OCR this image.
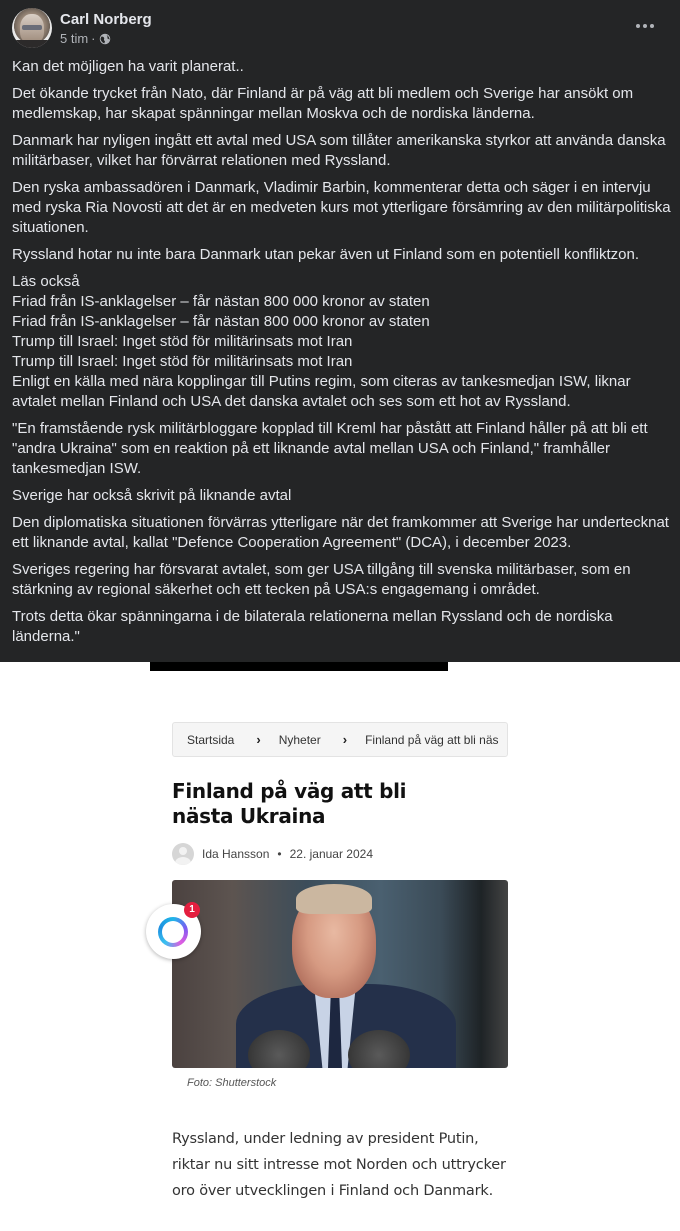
Carl Norberg
5 tim ·

Kan det möjligen ha varit planerat..

Det ökande trycket från Nato, där Finland är på väg att bli medlem och Sverige har ansökt om medlemskap, har skapat spänningar mellan Moskva och de nordiska länderna.

Danmark har nyligen ingått ett avtal med USA som tillåter amerikanska styrkor att använda danska militärbaser, vilket har förvärrat relationen med Ryssland.

Den ryska ambassadören i Danmark, Vladimir Barbin, kommenterar detta och säger i en intervju med ryska Ria Novosti att det är en medveten kurs mot ytterligare försämring av den militärpolitiska situationen.

Ryssland hotar nu inte bara Danmark utan pekar även ut Finland som en potentiell konfliktzon.

Läs också

Friad från IS-anklagelser – får nästan 800 000 kronor av staten

Friad från IS-anklagelser – får nästan 800 000 kronor av staten

Trump till Israel: Inget stöd för militärinsats mot Iran

Trump till Israel: Inget stöd för militärinsats mot Iran

Enligt en källa med nära kopplingar till Putins regim, som citeras av tankesmedjan ISW, liknar avtalet mellan Finland och USA det danska avtalet och ses som ett hot av Ryssland.

"En framstående rysk militärbloggare kopplad till Kreml har påstått att Finland håller på att bli ett "andra Ukraina" som en reaktion på ett liknande avtal mellan USA och Finland," framhåller tankesmedjan ISW.

Sverige har också skrivit på liknande avtal

Den diplomatiska situationen förvärras ytterligare när det framkommer att Sverige har undertecknat ett liknande avtal, kallat "Defence Cooperation Agreement" (DCA), i december 2023.

Sveriges regering har försvarat avtalet, som ger USA tillgång till svenska militärbaser, som en stärkning av regional säkerhet och ett tecken på USA:s engagemang i området.

Trots detta ökar spänningarna i de bilaterala relationerna mellan Ryssland och de nordiska länderna."

Startsida › Nyheter › Finland på väg att bli näs
Finland på väg att bli nästa Ukraina
Ida Hansson • 22. januar 2024
1
Foto: Shutterstock

Ryssland, under ledning av president Putin, riktar nu sitt intresse mot Norden och uttrycker oro över utvecklingen i Finland och Danmark.
